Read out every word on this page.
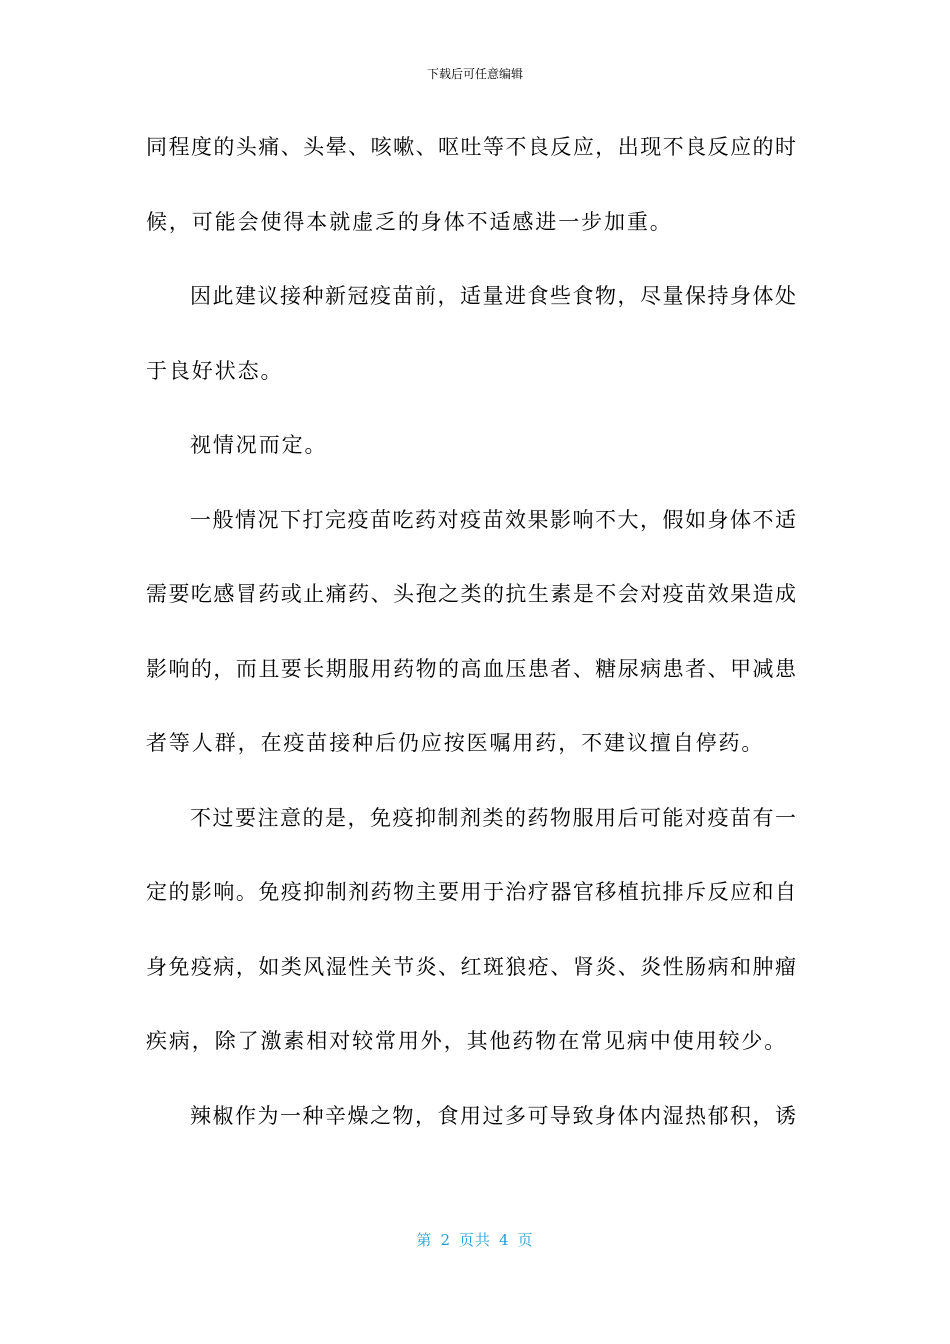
下载后可任意编辑
同程度的头痛、头晕、咳嗽、呕吐等不良反应，出现不良反应的时
候，可能会使得本就虚乏的身体不适感进一步加重。
因此建议接种新冠疫苗前，适量进食些食物，尽量保持身体处
于良好状态。
视情况而定。
一般情况下打完疫苗吃药对疫苗效果影响不大，假如身体不适
需要吃感冒药或止痛药、头孢之类的抗生素是不会对疫苗效果造成
影响的，而且要长期服用药物的高血压患者、糖尿病患者、甲减患
者等人群，在疫苗接种后仍应按医嘱用药，不建议擅自停药。
不过要注意的是，免疫抑制剂类的药物服用后可能对疫苗有一
定的影响。免疫抑制剂药物主要用于治疗器官移植抗排斥反应和自
身免疫病，如类风湿性关节炎、红斑狼疮、肾炎、炎性肠病和肿瘤
疾病，除了激素相对较常用外，其他药物在常见病中使用较少。
辣椒作为一种辛燥之物，食用过多可导致身体内湿热郁积，诱
第 2 页共 4 页
